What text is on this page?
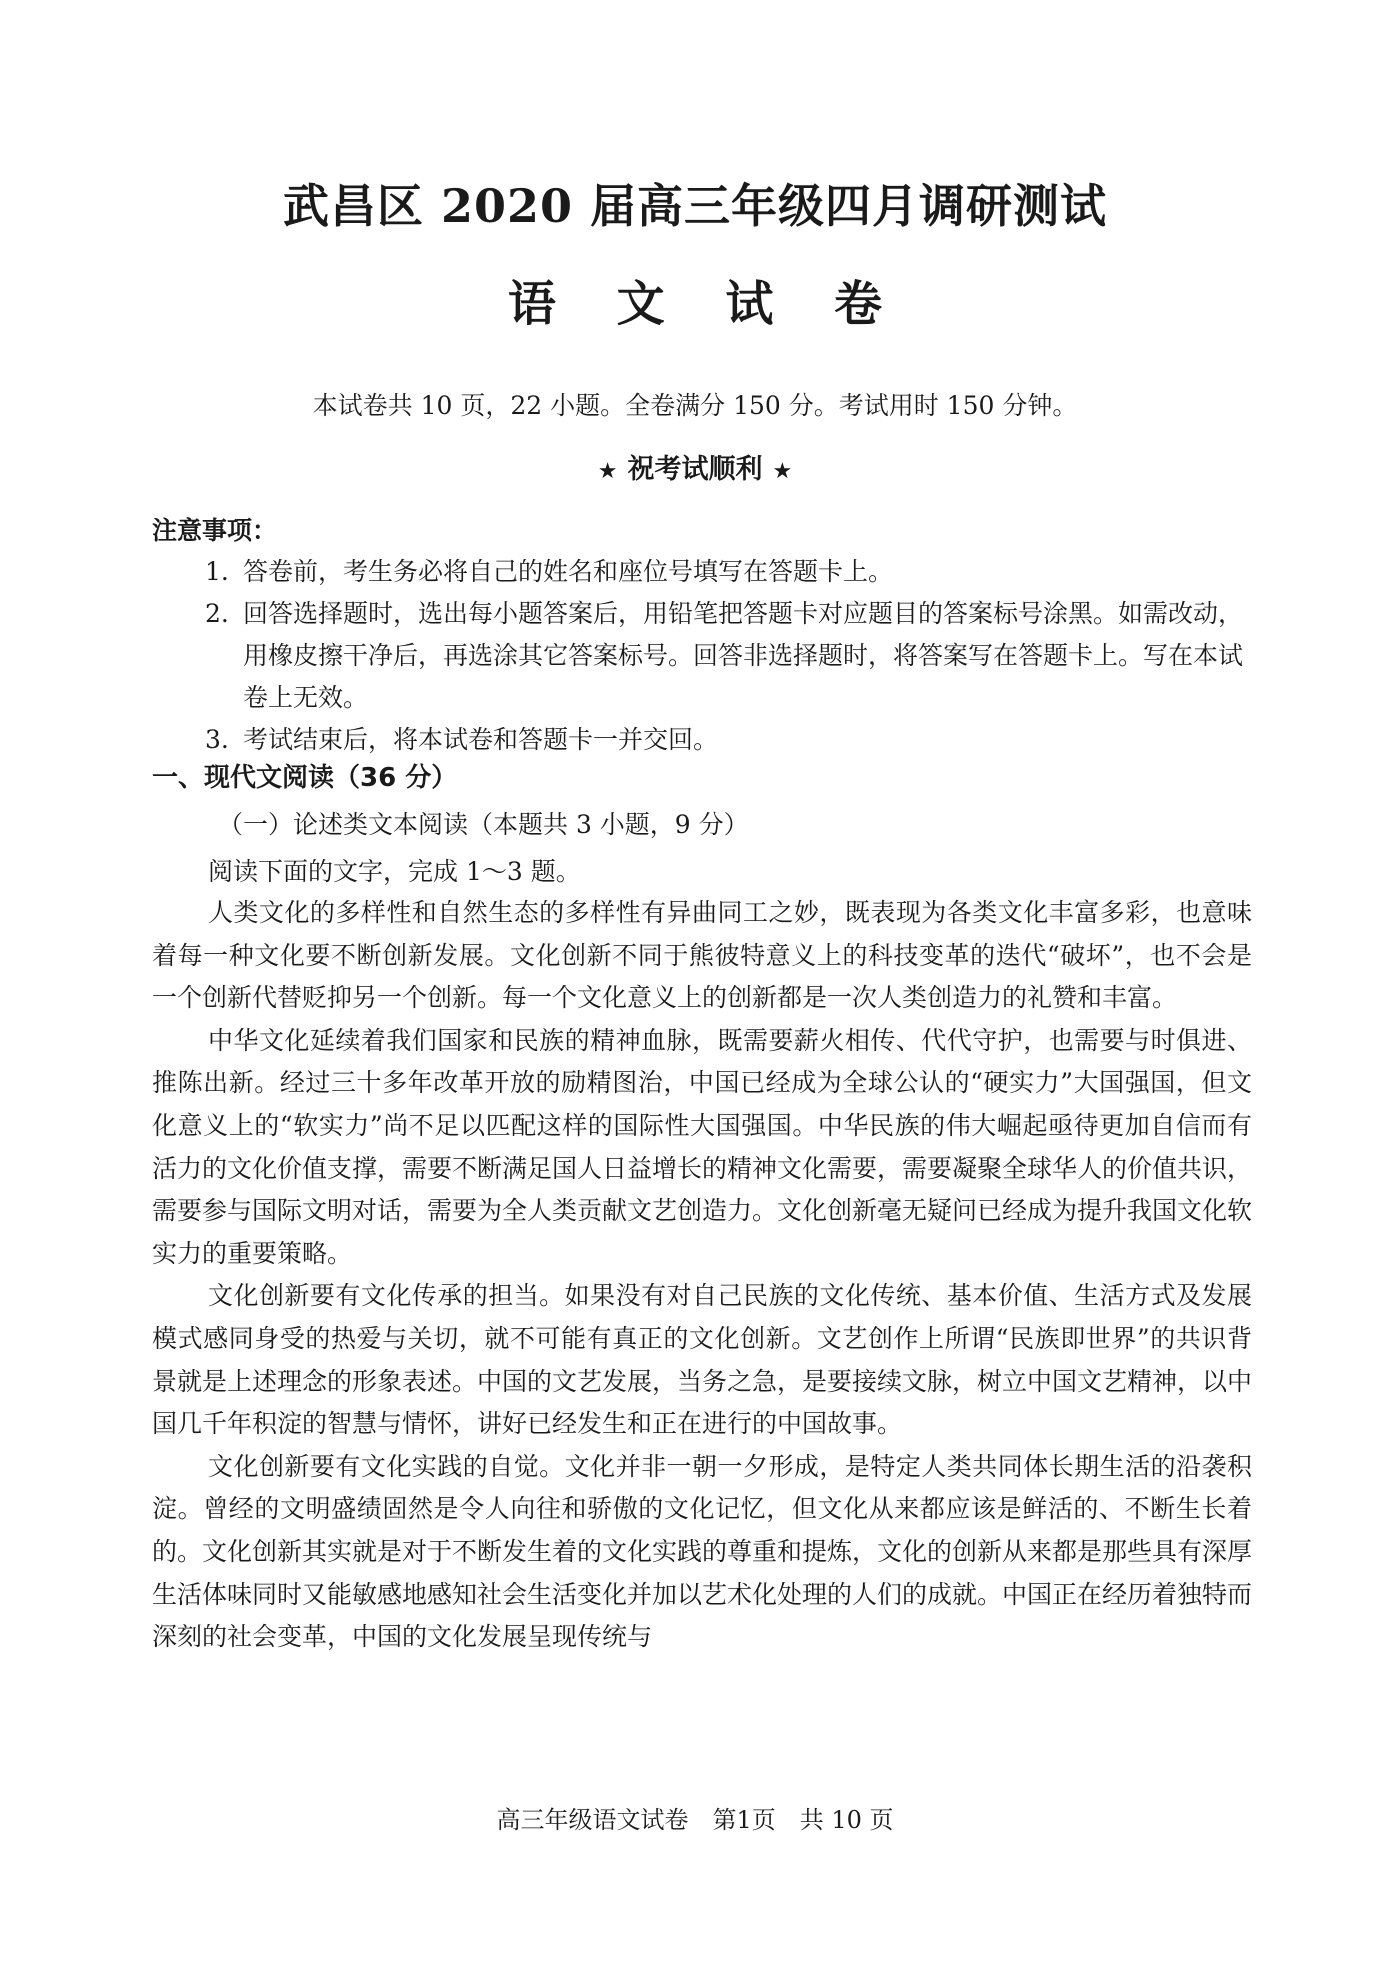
武昌区 2020 届高三年级四月调研测试
语 文 试 卷
本试卷共 10 页，22 小题。全卷满分 150 分。考试用时 150 分钟。
★ 祝考试顺利 ★
注意事项：
1. 答卷前，考生务必将自己的姓名和座位号填写在答题卡上。
2. 回答选择题时，选出每小题答案后，用铅笔把答题卡对应题目的答案标号涂黑。如需改动，用橡皮擦干净后，再选涂其它答案标号。回答非选择题时，将答案写在答题卡上。写在本试卷上无效。
3. 考试结束后，将本试卷和答题卡一并交回。
一、现代文阅读（36 分）
（一）论述类文本阅读（本题共 3 小题，9 分）
阅读下面的文字，完成 1～3 题。

人类文化的多样性和自然生态的多样性有异曲同工之妙，既表现为各类文化丰富多彩，也意味着每一种文化要不断创新发展。文化创新不同于熊彼特意义上的科技变革的迭代“破坏”，也不会是一个创新代替贬抑另一个创新。每一个文化意义上的创新都是一次人类创造力的礼赞和丰富。

中华文化延续着我们国家和民族的精神血脉，既需要薪火相传、代代守护，也需要与时俱进、推陈出新。经过三十多年改革开放的励精图治，中国已经成为全球公认的“硬实力”大国强国，但文化意义上的“软实力”尚不足以匹配这样的国际性大国强国。中华民族的伟大崛起亟待更加自信而有活力的文化价值支撑，需要不断满足国人日益增长的精神文化需要，需要凝聚全球华人的价值共识，需要参与国际文明对话，需要为全人类贡献文艺创造力。文化创新毫无疑问已经成为提升我国文化软实力的重要策略。

文化创新要有文化传承的担当。如果没有对自己民族的文化传统、基本价值、生活方式及发展模式感同身受的热爱与关切，就不可能有真正的文化创新。文艺创作上所谓“民族即世界”的共识背景就是上述理念的形象表述。中国的文艺发展，当务之急，是要接续文脉，树立中国文艺精神，以中国几千年积淀的智慧与情怀，讲好已经发生和正在进行的中国故事。

文化创新要有文化实践的自觉。文化并非一朝一夕形成，是特定人类共同体长期生活的沿袭积淀。曾经的文明盛绩固然是令人向往和骄傲的文化记忆，但文化从来都应该是鲜活的、不断生长着的。文化创新其实就是对于不断发生着的文化实践的尊重和提炼，文化的创新从来都是那些具有深厚生活体味同时又能敏感地感知社会生活变化并加以艺术化处理的人们的成就。中国正在经历着独特而深刻的社会变革，中国的文化发展呈现传统与

高三年级语文试卷　第1页　共 10 页
